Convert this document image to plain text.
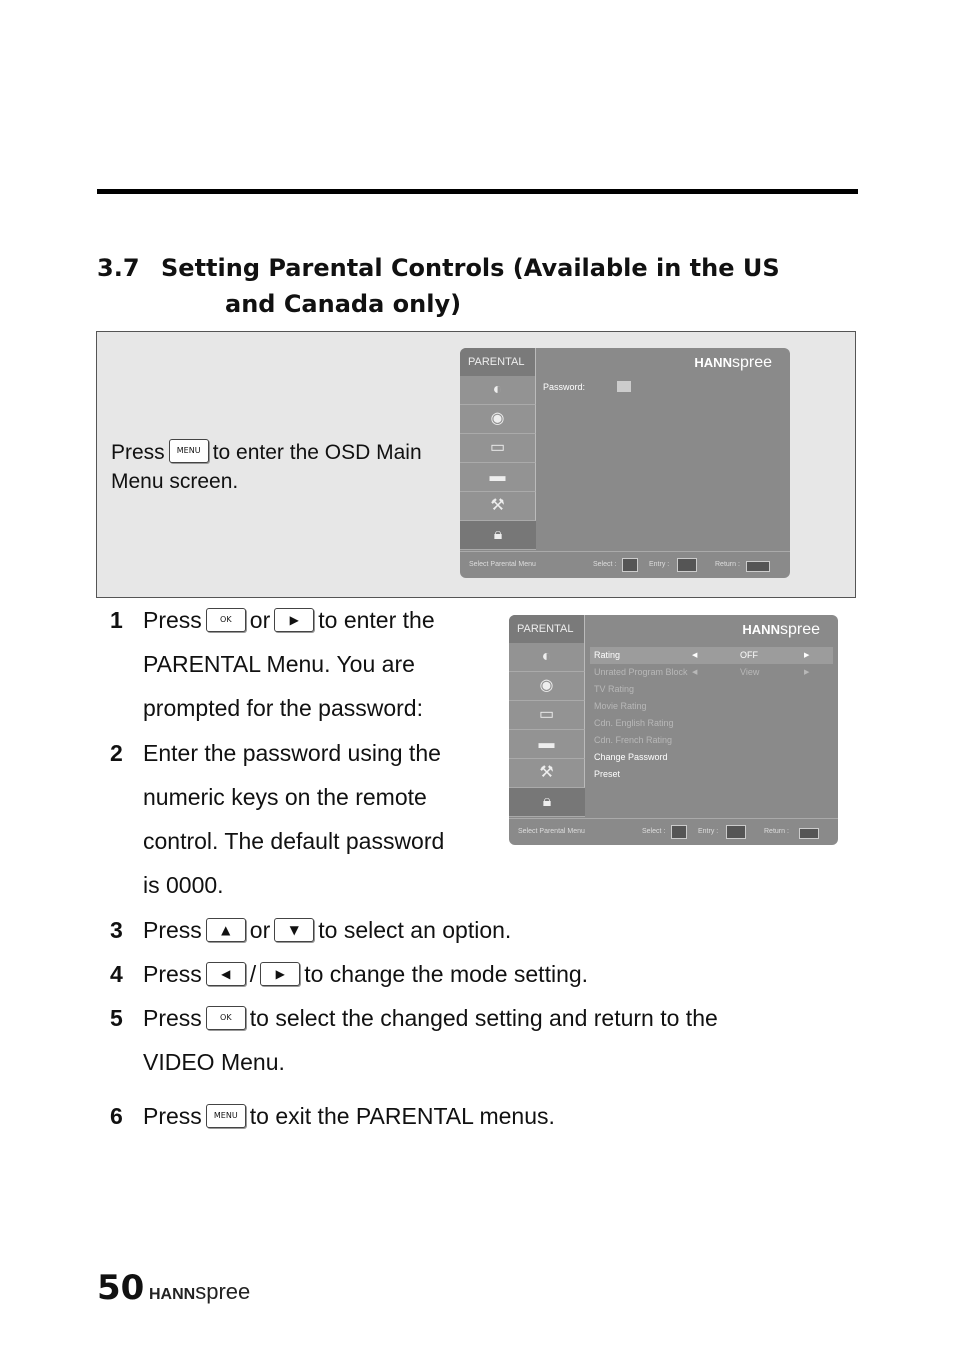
3.7 Setting Parental Controls (Available in the US
and Canada only)
Press MENU to enter the OSD Main Menu screen.
PARENTAL	HANNspree
◐
◉
▭
▬
⚒
🔒︎
Password:
Select Parental Menu	Select :	Entry :	Return :
PARENTAL	HANNspree
◐
◉
▭
▬
⚒
🔒︎
Rating	◀	OFF	▶
Unrated Program Block ◀	View	▶
TV Rating
Movie Rating
Cdn. English Rating
Cdn. French Rating
Change Password
Preset
Select Parental Menu	Select :	Entry :	Return :
1 Press OK or ▶ to enter the
PARENTAL Menu. You are
prompted for the password:
2 Enter the password using the
numeric keys on the remote
control. The default password
is 0000.
3 Press ▲ or ▼ to select an option.
4 Press ◀ / ▶ to change the mode setting.
5 Press OK to select the changed setting and return to the
VIDEO Menu.
6 Press MENU to exit the PARENTAL menus.
50 HANNspree
